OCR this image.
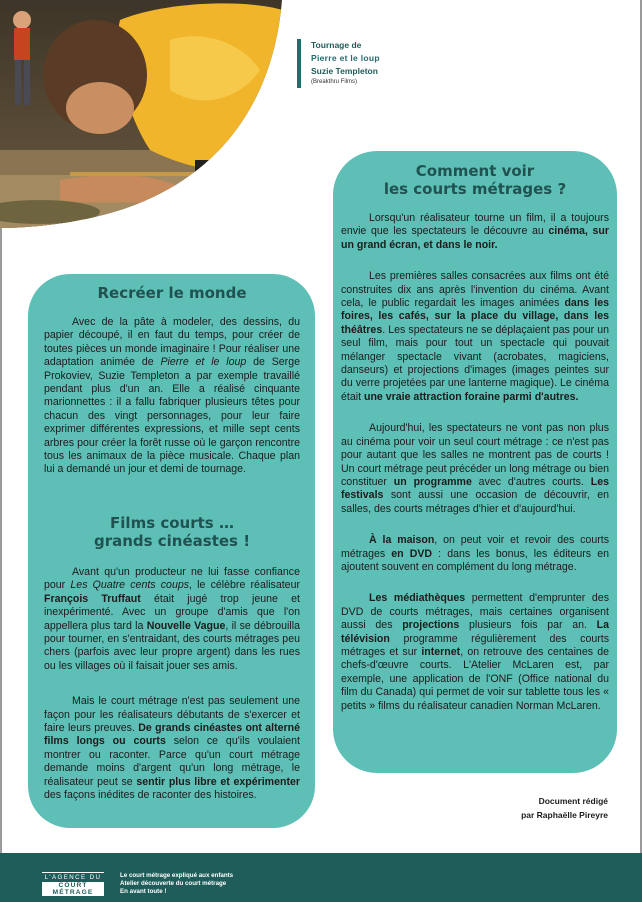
Tournage de
Pierre et le loup
Suzie Templeton
(Breakthru Films)
Recréer le monde

Avec de la pâte à modeler, des dessins, du papier découpé, il en faut du temps, pour créer de toutes pièces un monde imaginaire ! Pour réaliser une adaptation animée de Pierre et le loup de Serge Prokoviev, Suzie Templeton a par exemple travaillé pendant plus d'un an. Elle a réalisé cinquante marionnettes : il a fallu fabriquer plusieurs têtes pour chacun des vingt personnages, pour leur faire exprimer différentes expressions, et mille sept cents arbres pour créer la forêt russe où le garçon rencontre tous les animaux de la pièce musicale. Chaque plan lui a demandé un jour et demi de tournage.

Films courts …
grands cinéastes !

Avant qu'un producteur ne lui fasse confiance pour Les Quatre cents coups, le célèbre réalisateur François Truffaut était jugé trop jeune et inexpérimenté. Avec un groupe d'amis que l'on appellera plus tard la Nouvelle Vague, il se débrouilla pour tourner, en s'entraidant, des courts métrages peu chers (parfois avec leur propre argent) dans les rues ou les villages où il faisait jouer ses amis.

Mais le court métrage n'est pas seulement une façon pour les réalisateurs débutants de s'exercer et faire leurs preuves. De grands cinéastes ont alterné films longs ou courts selon ce qu'ils voulaient montrer ou raconter. Parce qu'un court métrage demande moins d'argent qu'un long métrage, le réalisateur peut se sentir plus libre et expérimenter des façons inédites de raconter des histoires.

Comment voir
les courts métrages ?

Lorsqu'un réalisateur tourne un film, il a toujours envie que les spectateurs le découvre au cinéma, sur un grand écran, et dans le noir.

Les premières salles consacrées aux films ont été construites dix ans après l'invention du cinéma. Avant cela, le public regardait les images animées dans les foires, les cafés, sur la place du village, dans les théâtres. Les spectateurs ne se déplaçaient pas pour un seul film, mais pour tout un spectacle qui pouvait mélanger spectacle vivant (acrobates, magiciens, danseurs) et projections d'images (images peintes sur du verre projetées par une lanterne magique). Le cinéma était une vraie attraction foraine parmi d'autres.

Aujourd'hui, les spectateurs ne vont pas non plus au cinéma pour voir un seul court métrage : ce n'est pas pour autant que les salles ne montrent pas de courts ! Un court métrage peut précéder un long métrage ou bien constituer un programme avec d'autres courts. Les festivals sont aussi une occasion de découvrir, en salles, des courts métrages d'hier et d'aujourd'hui.

À la maison, on peut voir et revoir des courts métrages en DVD : dans les bonus, les éditeurs en ajoutent souvent en complément du long métrage.

Les médiathèques permettent d'emprunter des DVD de courts métrages, mais certaines organisent aussi des projections plusieurs fois par an. La télévision programme régulièrement des courts métrages et sur internet, on retrouve des centaines de chefs-d'œuvre courts. L'Atelier McLaren est, par exemple, une application de l'ONF (Office national du film du Canada) qui permet de voir sur tablette tous les « petits » films du réalisateur canadien Norman McLaren.

Document rédigé
par Raphaëlle Pireyre
L'AGENCE DU
COURT MÉTRAGE
Le court métrage expliqué aux enfants
Atelier découverte du court métrage
En avant toute !
